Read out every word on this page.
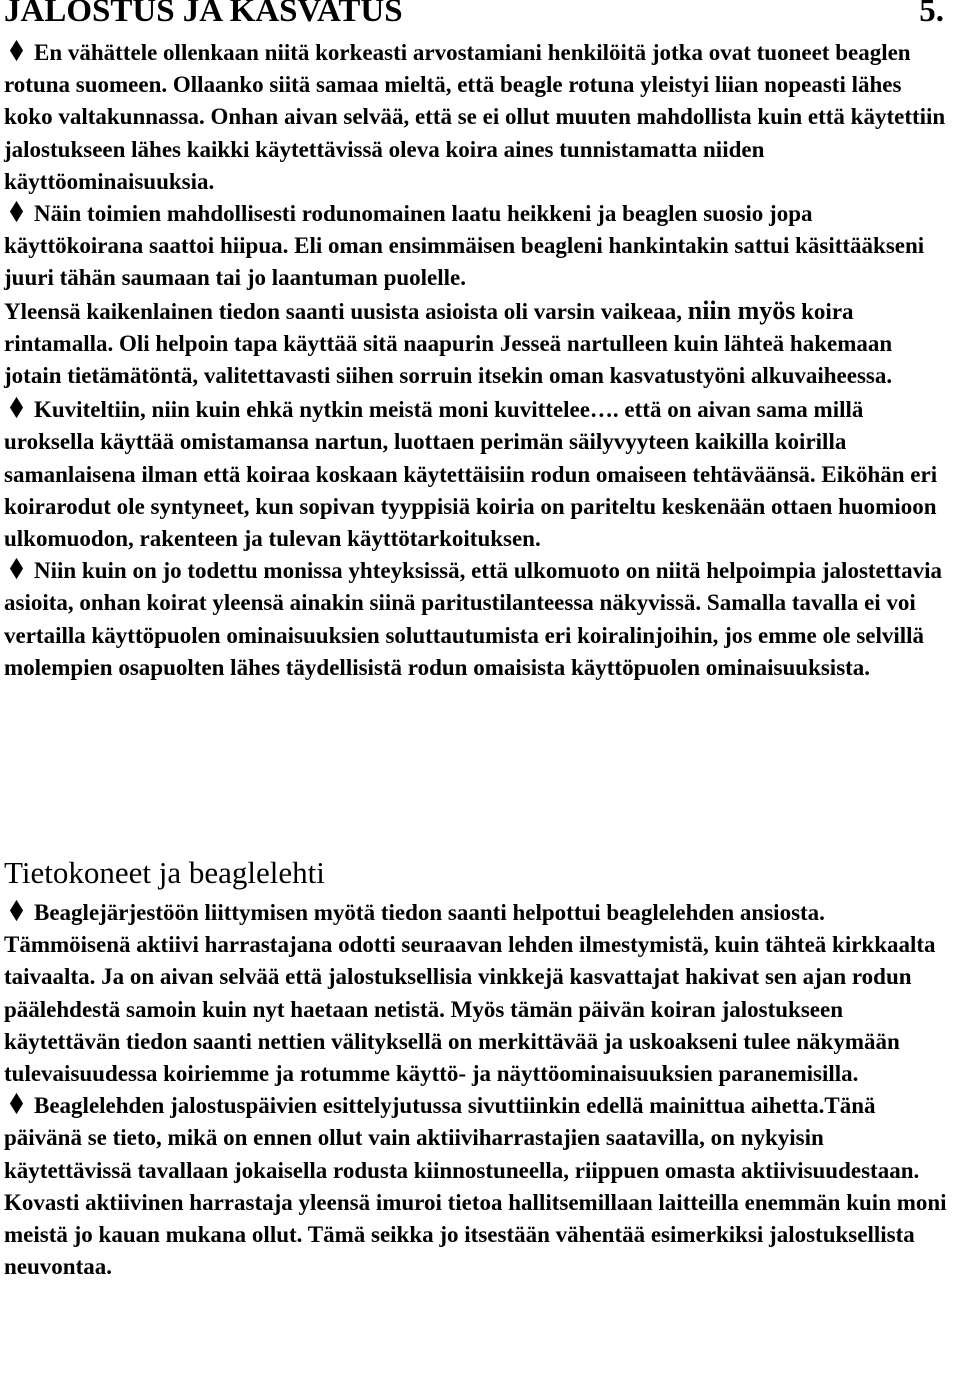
JALOSTUS JA KASVATUS	5.

En vähättele ollenkaan niitä korkeasti arvostamiani henkilöitä jotka ovat tuoneet beaglen rotuna suomeen. Ollaanko siitä samaa mieltä, että beagle rotuna yleistyi liian nopeasti lähes koko valtakunnassa. Onhan aivan selvää, että se ei ollut muuten mahdollista kuin että käytettiin jalostukseen lähes kaikki käytettävissä oleva koira aines tunnistamatta niiden käyttöominaisuuksia.

Näin toimien mahdollisesti rodunomainen laatu heikkeni ja beaglen suosio jopa käyttökoirana saattoi hiipua. Eli oman ensimmäisen beagleni hankintakin sattui käsittääkseni juuri tähän saumaan tai jo laantuman puolelle.

Yleensä kaikenlainen tiedon saanti uusista asioista oli varsin vaikeaa, niin myös koira rintamalla. Oli helpoin tapa käyttää sitä naapurin Jesseä nartulleen kuin lähteä hakemaan jotain tietämätöntä, valitettavasti siihen sorruin itsekin oman kasvatustyöni alkuvaiheessa.

Kuviteltiin, niin kuin ehkä nytkin meistä moni kuvittelee…. että on aivan sama millä uroksella käyttää omistamansa nartun, luottaen perimän säilyvyyteen kaikilla koirilla samanlaisena ilman että koiraa koskaan käytettäisiin rodun omaiseen tehtäväänsä. Eiköhän eri koirarodut ole syntyneet, kun sopivan tyyppisiä koiria on pariteltu keskenään ottaen huomioon ulkomuodon, rakenteen ja tulevan käyttötarkoituksen.

Niin kuin on jo todettu monissa yhteyksissä, että ulkomuoto on niitä helpoimpia jalostettavia asioita, onhan koirat yleensä ainakin siinä paritustilanteessa näkyvissä. Samalla tavalla ei voi vertailla käyttöpuolen ominaisuuksien soluttautumista eri koiralinjoihin, jos emme ole selvillä molempien osapuolten lähes täydellisistä rodun omaisista käyttöpuolen ominaisuuksista.

Tietokoneet ja beaglelehti

Beaglejärjestöön liittymisen myötä tiedon saanti helpottui beaglelehden ansiosta. Tämmöisenä aktiivi harrastajana odotti seuraavan lehden ilmestymistä, kuin tähteä kirkkaalta taivaalta. Ja on aivan selvää että jalostuksellisia vinkkejä kasvattajat hakivat sen ajan rodun päälehdestä samoin kuin nyt haetaan netistä. Myös tämän päivän koiran jalostukseen käytettävän tiedon saanti nettien välityksellä on merkittävää ja uskoakseni tulee näkymään tulevaisuudessa koiriemme ja rotumme käyttö- ja näyttöominaisuuksien paranemisilla.

Beaglelehden jalostuspäivien esittelyjutussa sivuttiinkin edellä mainittua aihetta.Tänä päivänä se tieto, mikä on ennen ollut vain aktiiviharrastajien saatavilla, on nykyisin käytettävissä tavallaan jokaisella rodusta kiinnostuneella, riippuen omasta aktiivisuudestaan. Kovasti aktiivinen harrastaja yleensä imuroi tietoa hallitsemillaan laitteilla enemmän kuin moni meistä jo kauan mukana ollut. Tämä seikka jo itsestään vähentää esimerkiksi jalostuksellista neuvontaa.
